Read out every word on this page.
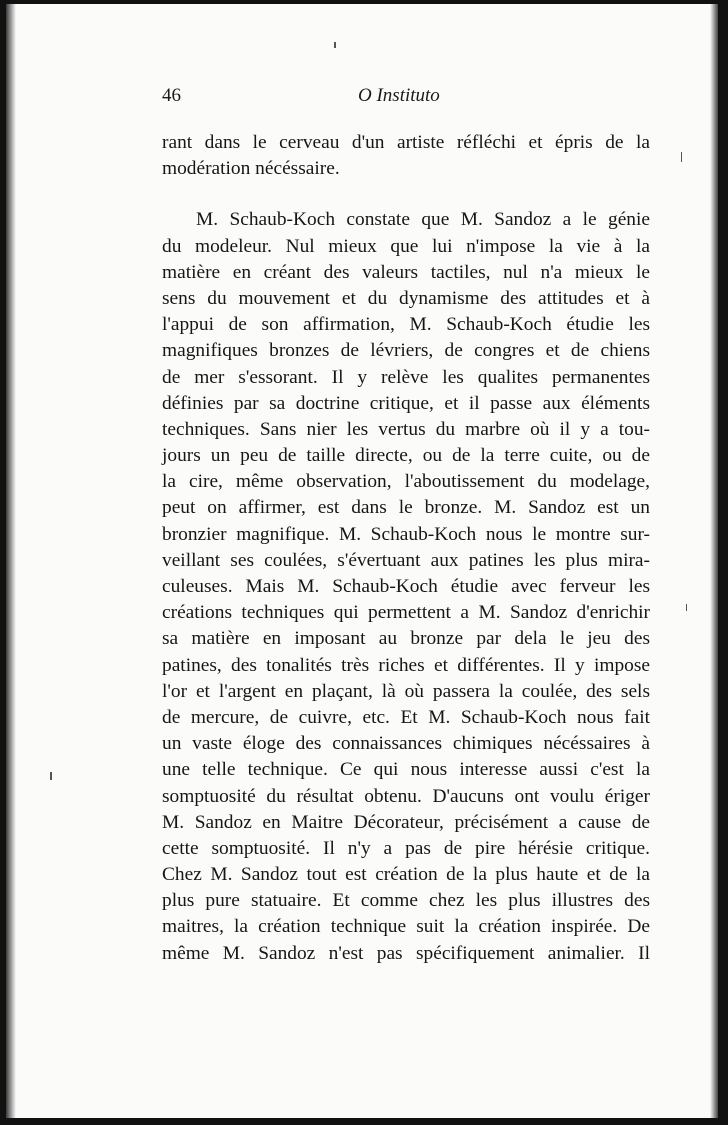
46	O Instituto
rant dans le cerveau d'un artiste réfléchi et épris de la
modération nécéssaire.
M. Schaub-Koch constate que M. Sandoz a le génie
du modeleur. Nul mieux que lui n'impose la vie à la
matière en créant des valeurs tactiles, nul n'a mieux le
sens du mouvement et du dynamisme des attitudes et à
l'appui de son affirmation, M. Schaub-Koch étudie les
magnifiques bronzes de lévriers, de congres et de chiens
de mer s'essorant. Il y relève les qualites permanentes
définies par sa doctrine critique, et il passe aux éléments
techniques. Sans nier les vertus du marbre où il y a tou-
jours un peu de taille directe, ou de la terre cuite, ou de
la cire, même observation, l'aboutissement du modelage,
peut on affirmer, est dans le bronze. M. Sandoz est un
bronzier magnifique. M. Schaub-Koch nous le montre sur-
veillant ses coulées, s'évertuant aux patines les plus mira-
culeuses. Mais M. Schaub-Koch étudie avec ferveur les
créations techniques qui permettent a M. Sandoz d'enrichir
sa matière en imposant au bronze par dela le jeu des
patines, des tonalités très riches et différentes. Il y impose
l'or et l'argent en plaçant, là où passera la coulée, des sels
de mercure, de cuivre, etc. Et M. Schaub-Koch nous fait
un vaste éloge des connaissances chimiques nécéssaires à
une telle technique. Ce qui nous interesse aussi c'est la
somptuosité du résultat obtenu. D'aucuns ont voulu ériger
M. Sandoz en Maitre Décorateur, précisément a cause de
cette somptuosité. Il n'y a pas de pire hérésie critique.
Chez M. Sandoz tout est création de la plus haute et de la
plus pure statuaire. Et comme chez les plus illustres des
maitres, la création technique suit la création inspirée. De
même M. Sandoz n'est pas spécifiquement animalier. Il
